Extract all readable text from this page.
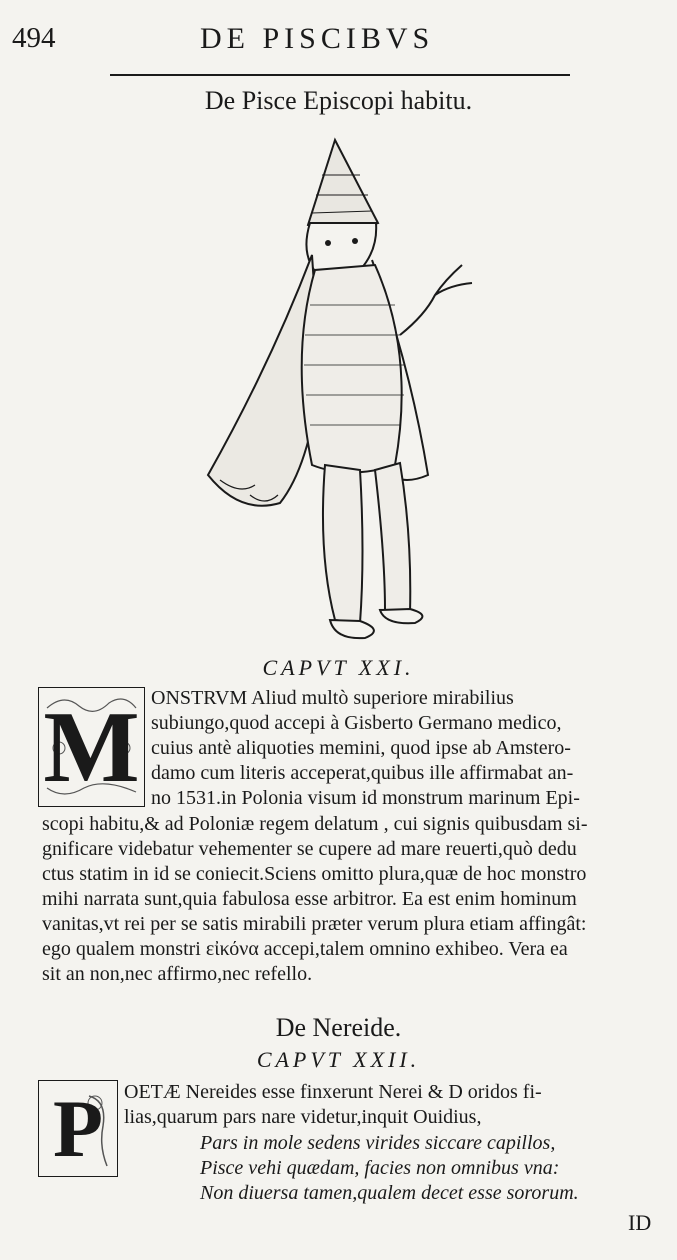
494	DE PISCIBVS
De Pisce Episcopi habitu.
CAPVT XXI.
M ONSTRVM Aliud multò superiore mirabilius
subiungo,quod accepi à Gisberto Germano medico,
cuius antè aliquoties memini, quod ipse ab Amstero-
damo cum literis acceperat,quibus ille affirmabat an-
no 1531.in Polonia visum id monstrum marinum Epi-
scopi habitu,& ad Poloniæ regem delatum , cui signis quibusdam si-
gnificare videbatur vehementer se cupere ad mare reuerti,quò dedu
ctus statim in id se coniecit.Sciens omitto plura,quæ de hoc monstro
mihi narrata sunt,quia fabulosa esse arbitror. Ea est enim hominum
vanitas,vt rei per se satis mirabili præter verum plura etiam affingât:
ego qualem monstri εἰκόνα accepi,talem omnino exhibeo. Vera ea
sit an non,nec affirmo,nec refello.
De Nereide.
CAPVT XXII.
P	OETÆ Nereides esse finxerunt Nerei & D oridos fi-
lias,quarum pars nare videtur,inquit Ouidius,
Pars in mole sedens virides siccare capillos,
Pisce vehi quædam, facies non omnibus vna:
Non diuersa tamen,qualem decet esse sororum.
ID
